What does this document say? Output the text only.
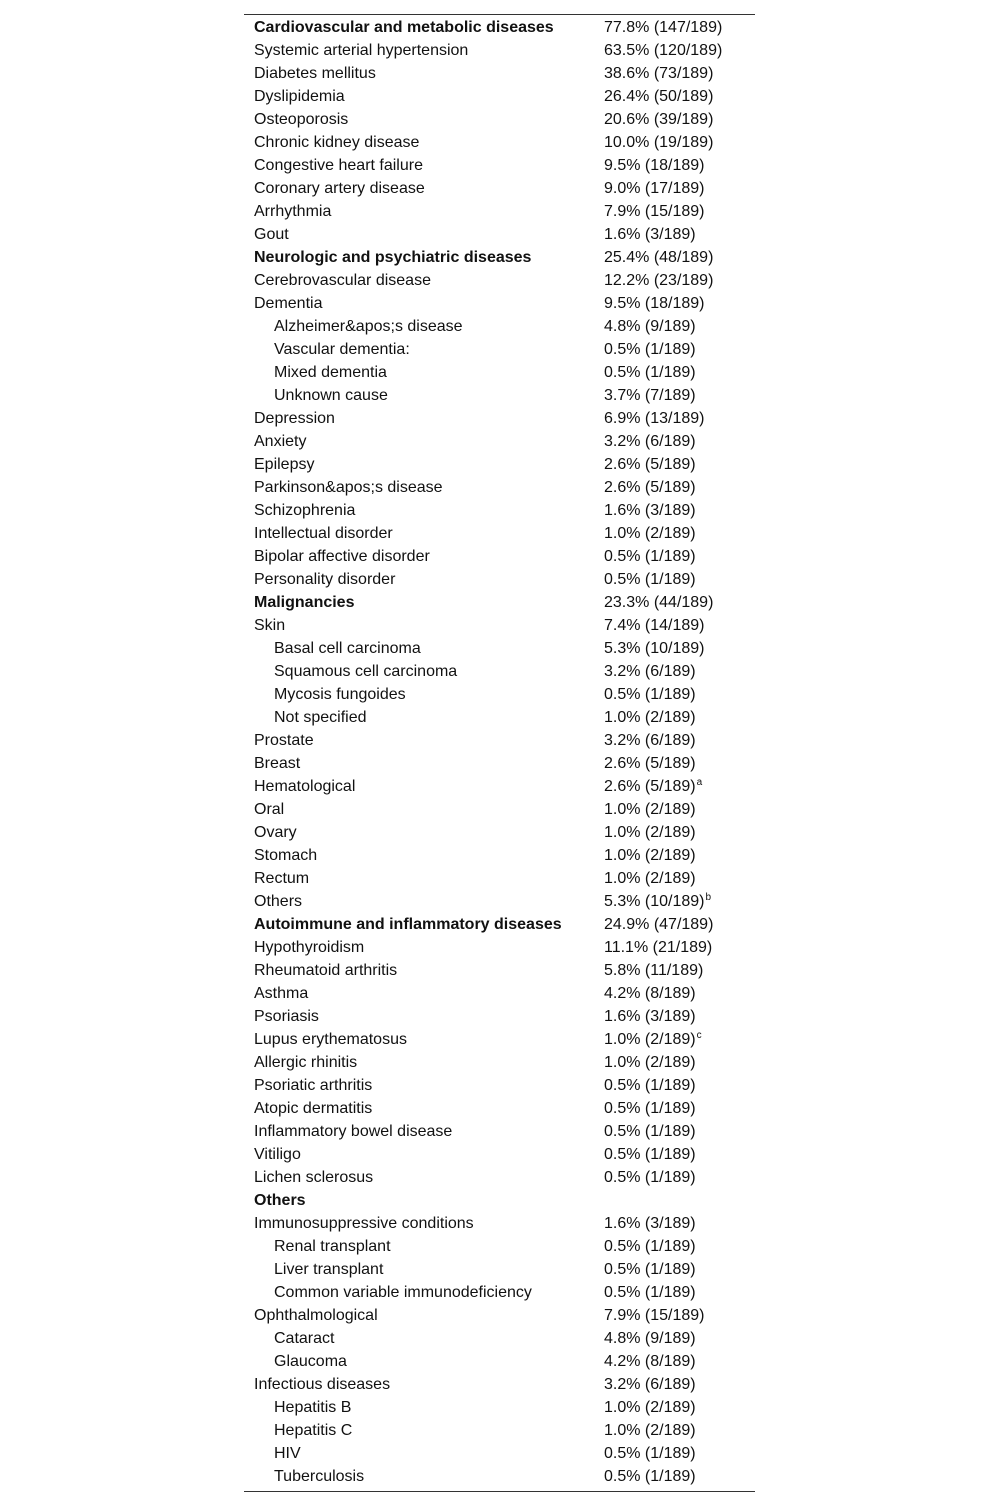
Cardiovascular and metabolic diseases	77.8% (147/189)
Systemic arterial hypertension	63.5% (120/189)
Diabetes mellitus	38.6% (73/189)
Dyslipidemia	26.4% (50/189)
Osteoporosis	20.6% (39/189)
Chronic kidney disease	10.0% (19/189)
Congestive heart failure	9.5% (18/189)
Coronary artery disease	9.0% (17/189)
Arrhythmia	7.9% (15/189)
Gout	1.6% (3/189)
Neurologic and psychiatric diseases	25.4% (48/189)
Cerebrovascular disease	12.2% (23/189)
Dementia	9.5% (18/189)
Alzheimer&apos;s disease	4.8% (9/189)
Vascular dementia:	0.5% (1/189)
Mixed dementia	0.5% (1/189)
Unknown cause	3.7% (7/189)
Depression	6.9% (13/189)
Anxiety	3.2% (6/189)
Epilepsy	2.6% (5/189)
Parkinson&apos;s disease	2.6% (5/189)
Schizophrenia	1.6% (3/189)
Intellectual disorder	1.0% (2/189)
Bipolar affective disorder	0.5% (1/189)
Personality disorder	0.5% (1/189)
Malignancies	23.3% (44/189)
Skin	7.4% (14/189)
Basal cell carcinoma	5.3% (10/189)
Squamous cell carcinoma	3.2% (6/189)
Mycosis fungoides	0.5% (1/189)
Not specified	1.0% (2/189)
Prostate	3.2% (6/189)
Breast	2.6% (5/189)
Hematological	2.6% $(5/189)^a$
Oral	1.0% (2/189)
Ovary	1.0% (2/189)
Stomach	1.0% (2/189)
Rectum	1.0% (2/189)
Others	5.3% $(10/189)^b$
Autoimmune and inflammatory diseases	24.9% (47/189)
Hypothyroidism	11.1% (21/189)
Rheumatoid arthritis	5.8% (11/189)
Asthma	4.2% (8/189)
Psoriasis	1.6% (3/189)
Lupus erythematosus	1.0% $(2/189)^c$
Allergic rhinitis	1.0% (2/189)
Psoriatic arthritis	0.5% (1/189)
Atopic dermatitis	0.5% (1/189)
Inflammatory bowel disease	0.5% (1/189)
Vitiligo	0.5% (1/189)
Lichen sclerosus	0.5% (1/189)
Others
Immunosuppressive conditions	1.6% (3/189)
Renal transplant	0.5% (1/189)
Liver transplant	0.5% (1/189)
Common variable immunodeficiency	0.5% (1/189)
Ophthalmological	7.9% (15/189)
Cataract	4.8% (9/189)
Glaucoma	4.2% (8/189)
Infectious diseases	3.2% (6/189)
Hepatitis B	1.0% (2/189)
Hepatitis C	1.0% (2/189)
HIV	0.5% (1/189)
Tuberculosis	0.5% (1/189)
